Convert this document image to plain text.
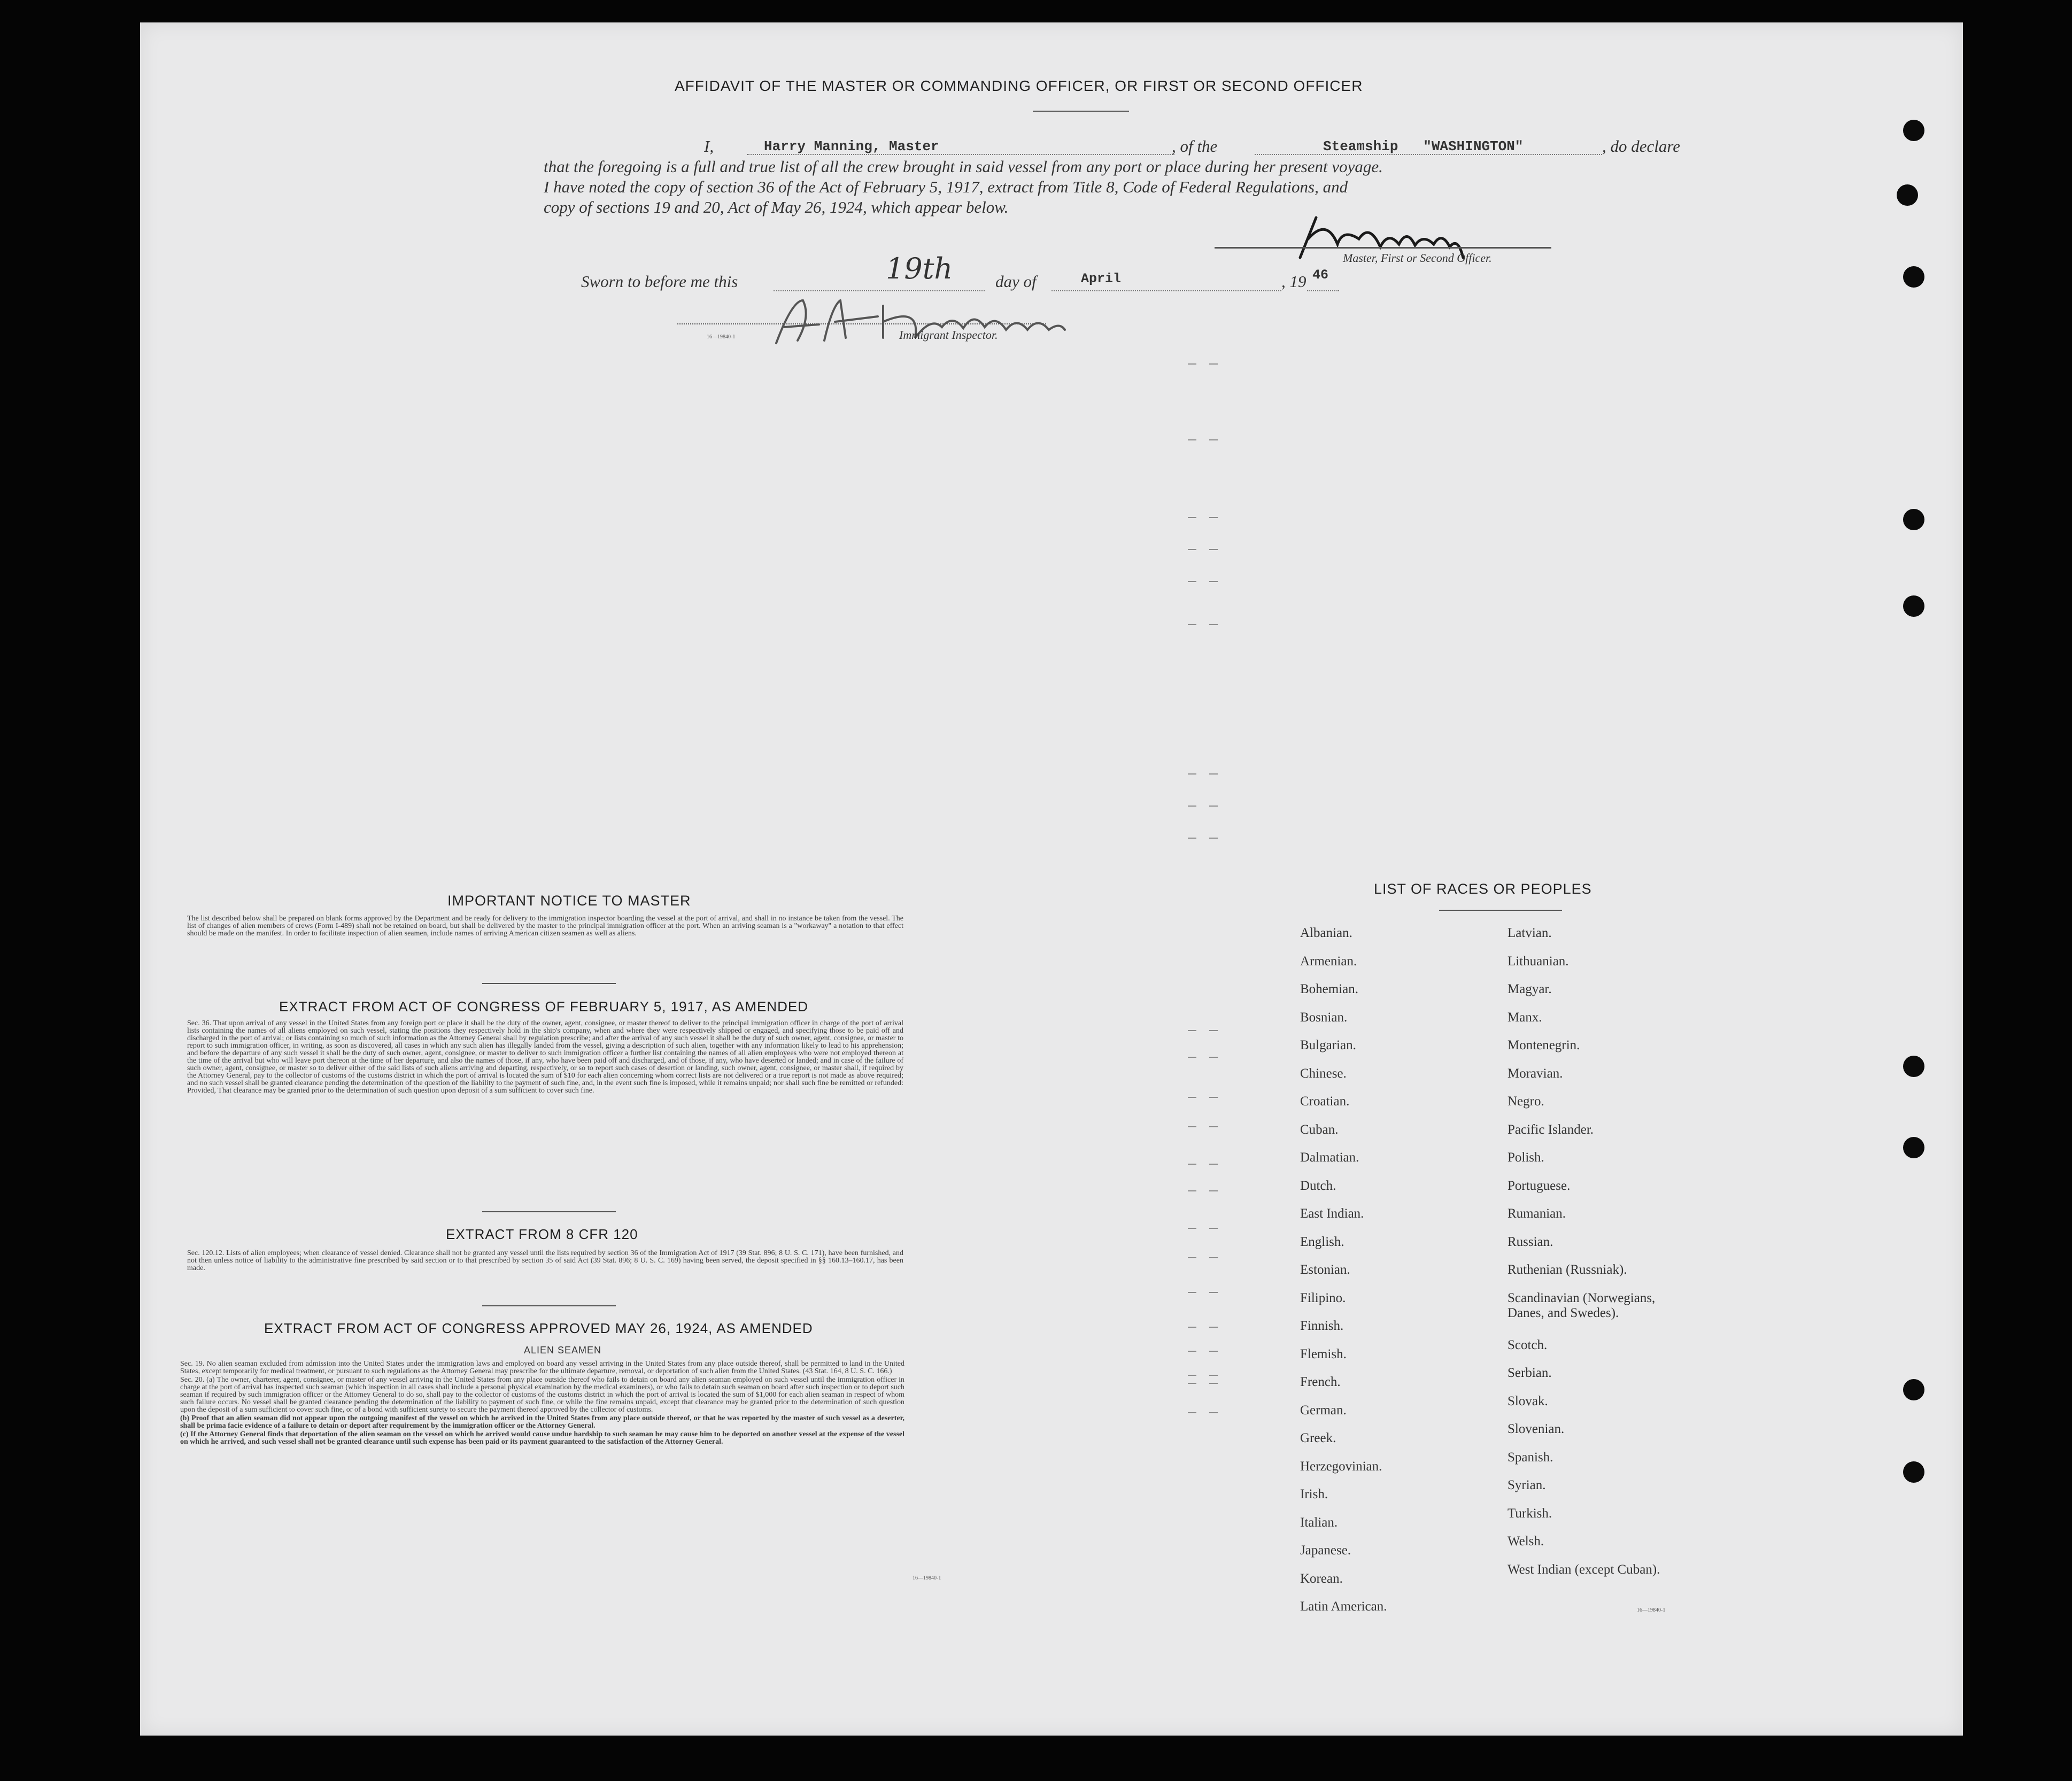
AFFIDAVIT OF THE MASTER OR COMMANDING OFFICER, OR FIRST OR SECOND OFFICER
I,	Harry Manning, Master	, of the	Steamship   "WASHINGTON"	, do declare
that the foregoing is a full and true list of all the crew brought in said vessel from any port or place during her present voyage.
I have noted the copy of section 36 of the Act of February 5, 1917, extract from Title 8, Code of Federal Regulations, and
copy of sections 19 and 20, Act of May 26, 1924, which appear below.
Master, First or Second Officer.
Sworn to before me this	19th	day of	April	, 19 46
16—19840-1	Immigrant Inspector.
IMPORTANT NOTICE TO MASTER
The list described below shall be prepared on blank forms approved by the Department and be ready for delivery to the immigration inspector boarding the vessel at the port of arrival, and shall in no instance be taken from the vessel. The list of changes of alien members of crews (Form I-489) shall not be retained on board, but shall be delivered by the master to the principal immigration officer at the port. When an arriving seaman is a "workaway" a notation to that effect should be made on the manifest. In order to facilitate inspection of alien seamen, include names of arriving American citizen seamen as well as aliens.
EXTRACT FROM ACT OF CONGRESS OF FEBRUARY 5, 1917, AS AMENDED
Sec. 36. That upon arrival of any vessel in the United States from any foreign port or place it shall be the duty of the owner, agent, consignee, or master thereof to deliver to the principal immigration officer in charge of the port of arrival lists containing the names of all aliens employed on such vessel, stating the positions they respectively hold in the ship's company, when and where they were respectively shipped or engaged, and specifying those to be paid off and discharged in the port of arrival; or lists containing so much of such information as the Attorney General shall by regulation prescribe; and after the arrival of any such vessel it shall be the duty of such owner, agent, consignee, or master to report to such immigration officer, in writing, as soon as discovered, all cases in which any such alien has illegally landed from the vessel, giving a description of such alien, together with any information likely to lead to his apprehension; and before the departure of any such vessel it shall be the duty of such owner, agent, consignee, or master to deliver to such immigration officer a further list containing the names of all alien employees who were not employed thereon at the time of the arrival but who will leave port thereon at the time of her departure, and also the names of those, if any, who have been paid off and discharged, and of those, if any, who have deserted or landed; and in case of the failure of such owner, agent, consignee, or master so to deliver either of the said lists of such aliens arriving and departing, respectively, or so to report such cases of desertion or landing, such owner, agent, consignee, or master shall, if required by the Attorney General, pay to the collector of customs of the customs district in which the port of arrival is located the sum of $10 for each alien concerning whom correct lists are not delivered or a true report is not made as above required; and no such vessel shall be granted clearance pending the determination of the question of the liability to the payment of such fine, and, in the event such fine is imposed, while it remains unpaid; nor shall such fine be remitted or refunded: Provided, That clearance may be granted prior to the determination of such question upon deposit of a sum sufficient to cover such fine.
EXTRACT FROM 8 CFR 120
Sec. 120.12. Lists of alien employees; when clearance of vessel denied. Clearance shall not be granted any vessel until the lists required by section 36 of the Immigration Act of 1917 (39 Stat. 896; 8 U. S. C. 171), have been furnished, and not then unless notice of liability to the administrative fine prescribed by said section or to that prescribed by section 35 of said Act (39 Stat. 896; 8 U. S. C. 169) having been served, the deposit specified in §§ 160.13–160.17, has been made.
EXTRACT FROM ACT OF CONGRESS APPROVED MAY 26, 1924, AS AMENDED
ALIEN SEAMEN
Sec. 19. No alien seaman excluded from admission into the United States under the immigration laws and employed on board any vessel arriving in the United States from any place outside thereof, shall be permitted to land in the United States, except temporarily for medical treatment, or pursuant to such regulations as the Attorney General may prescribe for the ultimate departure, removal, or deportation of such alien from the United States. (43 Stat. 164, 8 U. S. C. 166.)
Sec. 20. (a) The owner, charterer, agent, consignee, or master of any vessel arriving in the United States from any place outside thereof who fails to detain on board any alien seaman employed on such vessel until the immigration officer in charge at the port of arrival has inspected such seaman (which inspection in all cases shall include a personal physical examination by the medical examiners), or who fails to detain such seaman on board after such inspection or to deport such seaman if required by such immigration officer or the Attorney General to do so, shall pay to the collector of customs of the customs district in which the port of arrival is located the sum of $1,000 for each alien seaman in respect of whom such failure occurs. No vessel shall be granted clearance pending the determination of the liability to payment of such fine, or while the fine remains unpaid, except that clearance may be granted prior to the determination of such question upon the deposit of a sum sufficient to cover such fine, or of a bond with sufficient surety to secure the payment thereof approved by the collector of customs.
(b) Proof that an alien seaman did not appear upon the outgoing manifest of the vessel on which he arrived in the United States from any place outside thereof, or that he was reported by the master of such vessel as a deserter, shall be prima facie evidence of a failure to detain or deport after requirement by the immigration officer or the Attorney General.
(c) If the Attorney General finds that deportation of the alien seaman on the vessel on which he arrived would cause undue hardship to such seaman he may cause him to be deported on another vessel at the expense of the vessel on which he arrived, and such vessel shall not be granted clearance until such expense has been paid or its payment guaranteed to the satisfaction of the Attorney General.
16—19840-1
LIST OF RACES OR PEOPLES
Albanian.
Armenian.
Bohemian.
Bosnian.
Bulgarian.
Chinese.
Croatian.
Cuban.
Dalmatian.
Dutch.
East Indian.
English.
Estonian.
Filipino.
Finnish.
Flemish.
French.
German.
Greek.
Herzegovinian.
Irish.
Italian.
Japanese.
Korean.
Latin American.
Latvian.
Lithuanian.
Magyar.
Manx.
Montenegrin.
Moravian.
Negro.
Pacific Islander.
Polish.
Portuguese.
Rumanian.
Russian.
Ruthenian (Russniak).
Scandinavian (Norwegians,
Danes, and Swedes).
Scotch.
Serbian.
Slovak.
Slovenian.
Spanish.
Syrian.
Turkish.
Welsh.
West Indian (except Cuban).
16—19840-1
